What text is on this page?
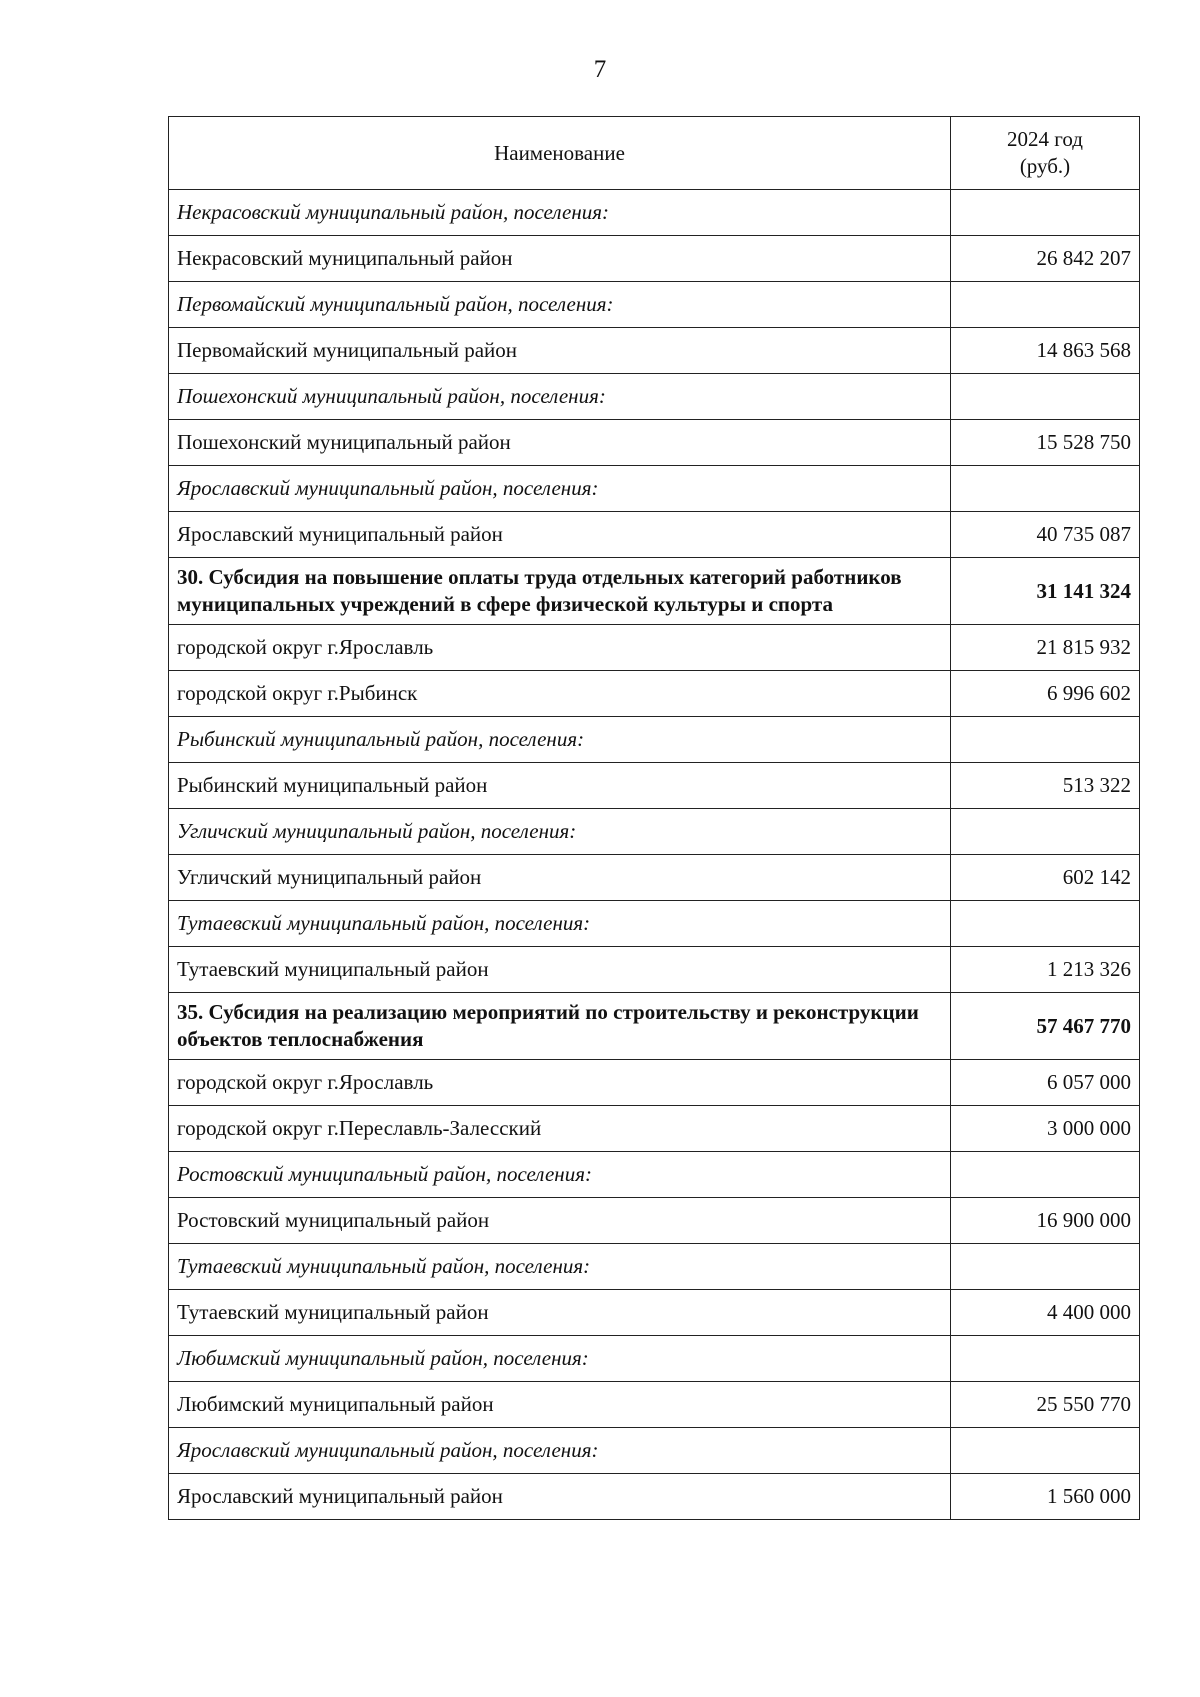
7
Наименование	2024 год
(руб.)

Некрасовский муниципальный район, поселения:	
Некрасовский муниципальный район	26 842 207
Первомайский муниципальный район, поселения:	
Первомайский муниципальный район	14 863 568
Пошехонский муниципальный район, поселения:	
Пошехонский муниципальный район	15 528 750
Ярославский муниципальный район, поселения:	
Ярославский муниципальный район	40 735 087
30. Субсидия на повышение оплаты труда отдельных категорий работников муниципальных учреждений в сфере физической культуры и спорта	31 141 324
городской округ г.Ярославль	21 815 932
городской округ г.Рыбинск	6 996 602
Рыбинский муниципальный район, поселения:	
Рыбинский муниципальный район	513 322
Угличский муниципальный район, поселения:	
Угличский муниципальный район	602 142
Тутаевский муниципальный район, поселения:	
Тутаевский муниципальный район	1 213 326
35. Субсидия на реализацию мероприятий по строительству и реконструкции объектов теплоснабжения	57 467 770
городской округ г.Ярославль	6 057 000
городской округ г.Переславль-Залесский	3 000 000
Ростовский муниципальный район, поселения:	
Ростовский муниципальный район	16 900 000
Тутаевский муниципальный район, поселения:	
Тутаевский муниципальный район	4 400 000
Любимский муниципальный район, поселения:	
Любимский муниципальный район	25 550 770
Ярославский муниципальный район, поселения:	
Ярославский муниципальный район	1 560 000
